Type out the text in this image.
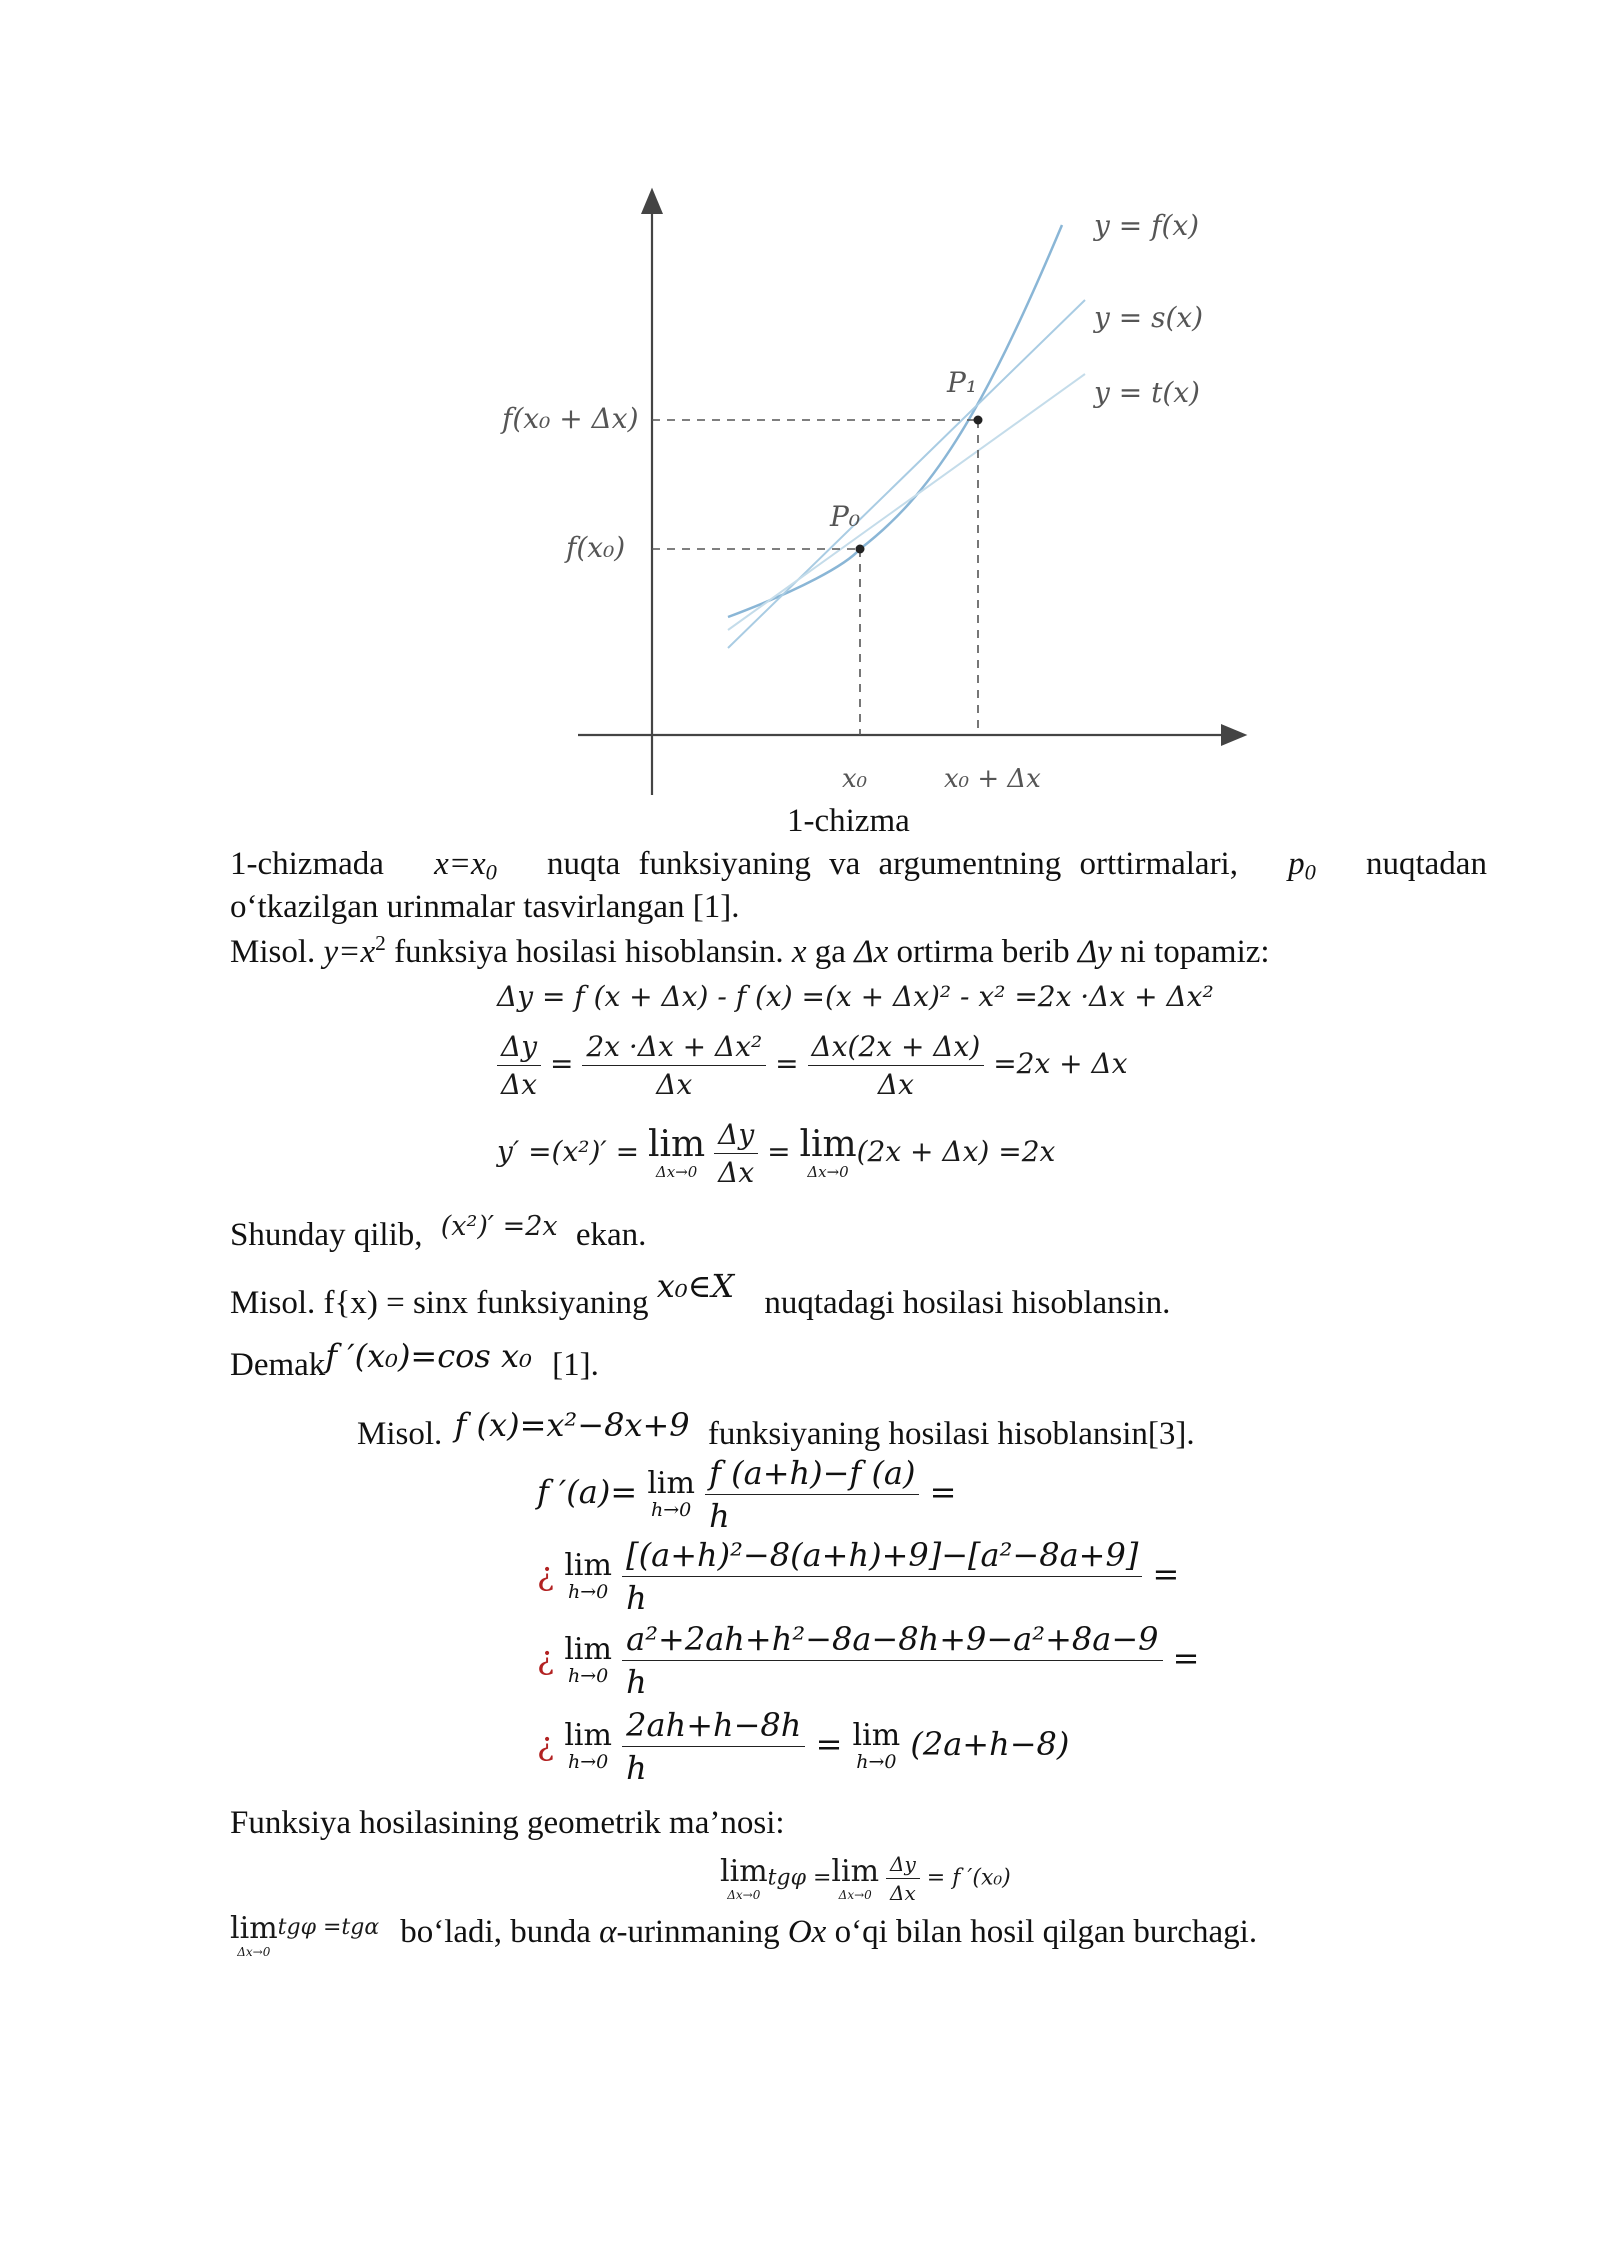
y = f(x)
y = s(x)
y = t(x)
P₁
P₀
f(x₀ + Δx)
f(x₀)
x₀	x₀ + Δx
1-chizma
1-chizmada $x=x_0$ nuqta funksiyaning va argumentning orttirmalari, $p_0$ nuqtadan
o‘tkazilgan urinmalar tasvirlangan [1].
Misol. $y=x^2$ funksiya hosilasi hisoblansin. x ga Δx ortirma berib Δy ni topamiz:
Δy = f (x + Δx) - f (x) =(x + Δx)² - x² =2x ·Δx + Δx²
$\frac{\Delta y}{\Delta x} = \frac{\text{2x ·Δx + Δx²}}{\Delta x} = \frac{\Delta x(2x + \Delta x)}{\Delta x} =2x + \Delta x$
y′ =(x²)′ = lim
Δx→0
$\frac{\Delta y}{\Delta x} = \lim$
Δx→0
(2x + Δx) =2x
Shunday qilib, $^{(x^2)' =2x}$ ekan.
Misol. f{x) = sinx funksiyaning x₀∈X nuqtadagi hosilasi hisoblansin.
Demakf ′(x₀)=cos x₀ [1].
Misol. f (x)=x²−8x+9 funksiyaning hosilasi hisoblansin[3].
f ′(a)= lim
h→0
$\frac{f (a+h)-f (a)}{h}$ =
¿ lim
h→0
$\frac{\text{[(a+h)²−8(a+h)+9]−[a²−8a+9]}}{h}$ =
¿ lim
h→0
$\frac{\text{a²+2ah+h²−8a−8h+9−a²+8a−9}}{h}$ =
¿ lim
h→0
$\frac{2ah+h-8h}{h} = \lim$
h→0 (2a+h−8)
Funksiya hosilasining geometrik ma’nosi:
lim
Δx→0
tgφ = lim
Δx→0
$\frac{\Delta y}{\Delta x} = f$ ′(x₀)
lim
Δx→0
tgφ =tgα bo‘ladi, bunda α-urinmaning Ox o‘qi bilan hosil qilgan burchagi.
